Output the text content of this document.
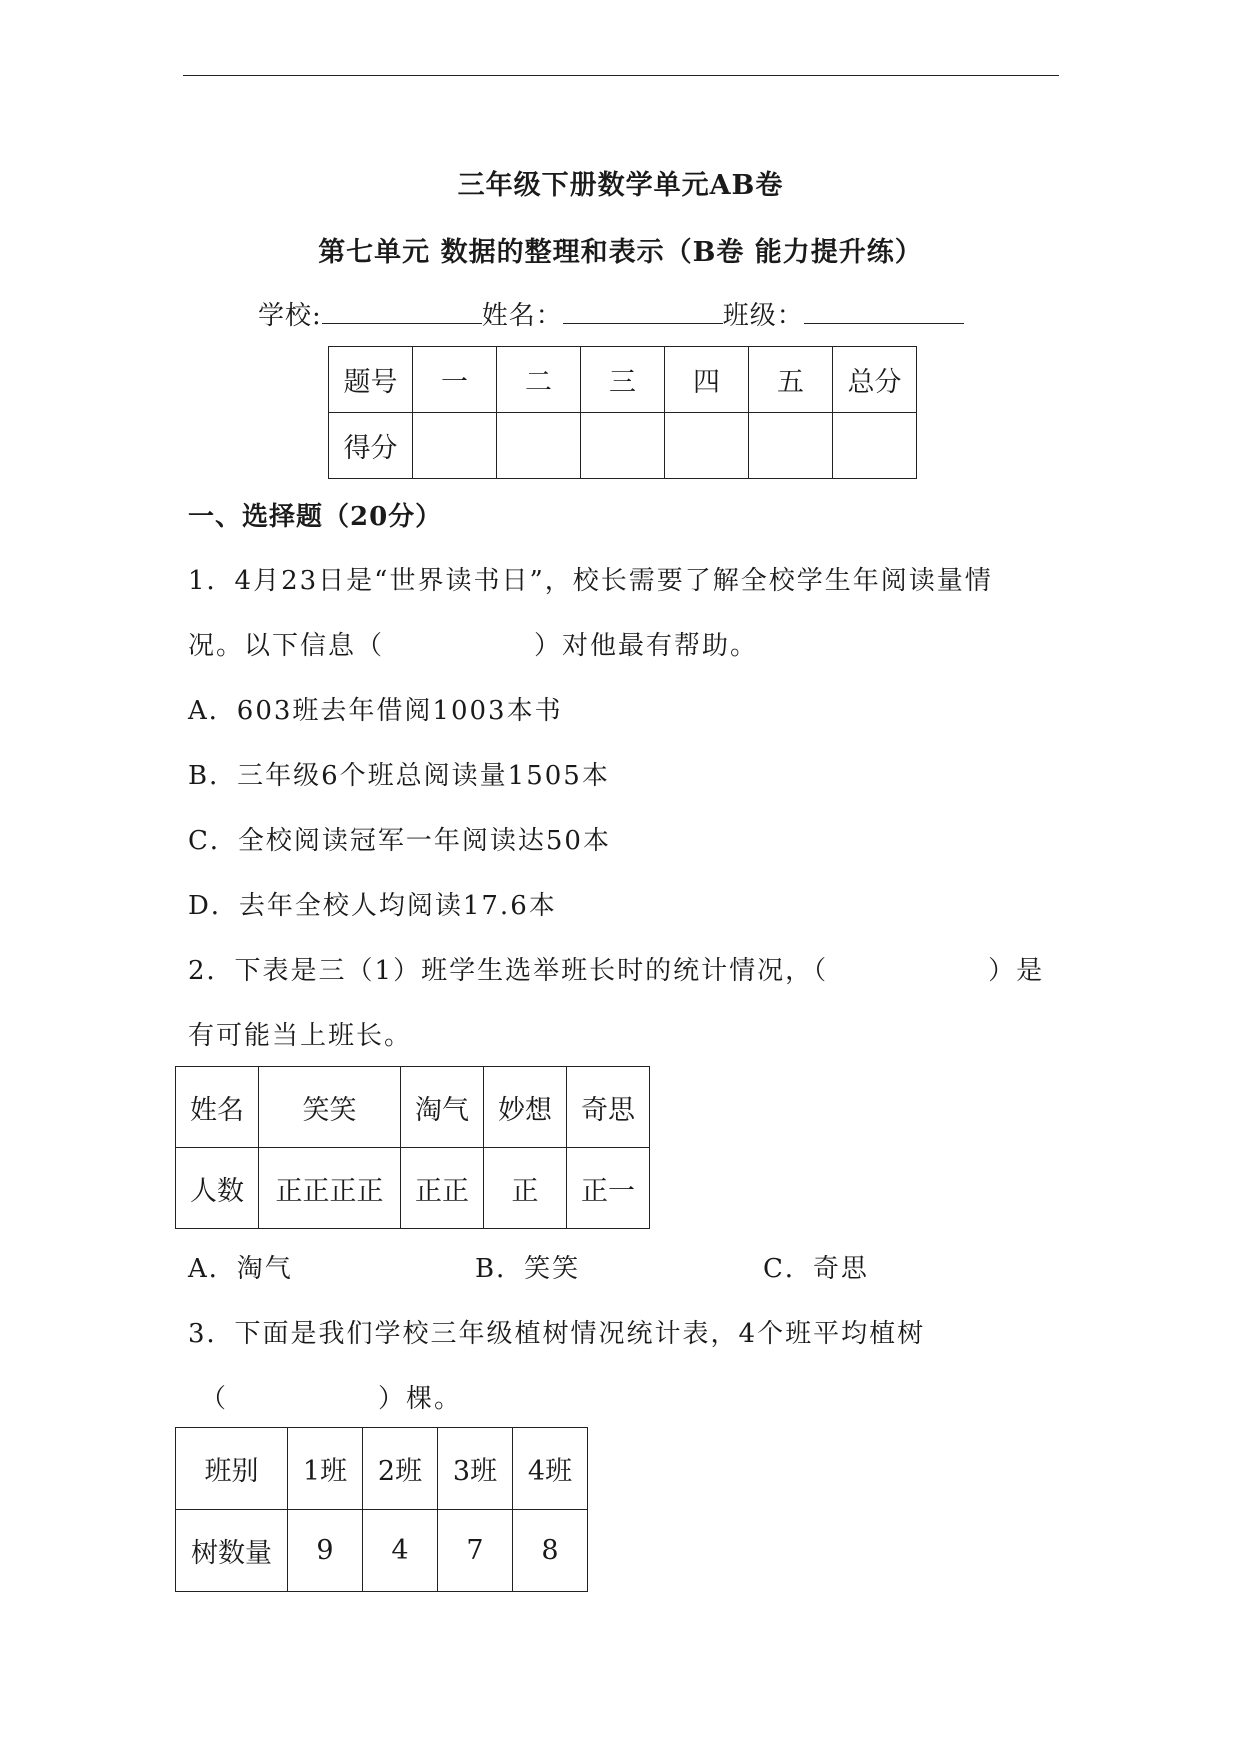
三年级下册数学单元AB卷
第七单元 数据的整理和表示（B卷 能力提升练）
学校:	姓名：	班级：
题号	一	二	三	四	五	总分
得分						
一、选择题（20分）
1．4月23日是“世界读书日”，校长需要了解全校学生年阅读量情
况。以下信息（	）对他最有帮助。
A．603班去年借阅1003本书
B．三年级6个班总阅读量1505本
C．全校阅读冠军一年阅读达50本
D．去年全校人均阅读17.6本
2．下表是三（1）班学生选举班长时的统计情况，（	）是
有可能当上班长。
姓名	笑笑	淘气	妙想	奇思
人数	正正正正	正正	正	正一
A．淘气	B．笑笑	C．奇思
3．下面是我们学校三年级植树情况统计表，4个班平均植树
（	）棵。
班别	1班	2班	3班	4班
树数量	9	4	7	8
